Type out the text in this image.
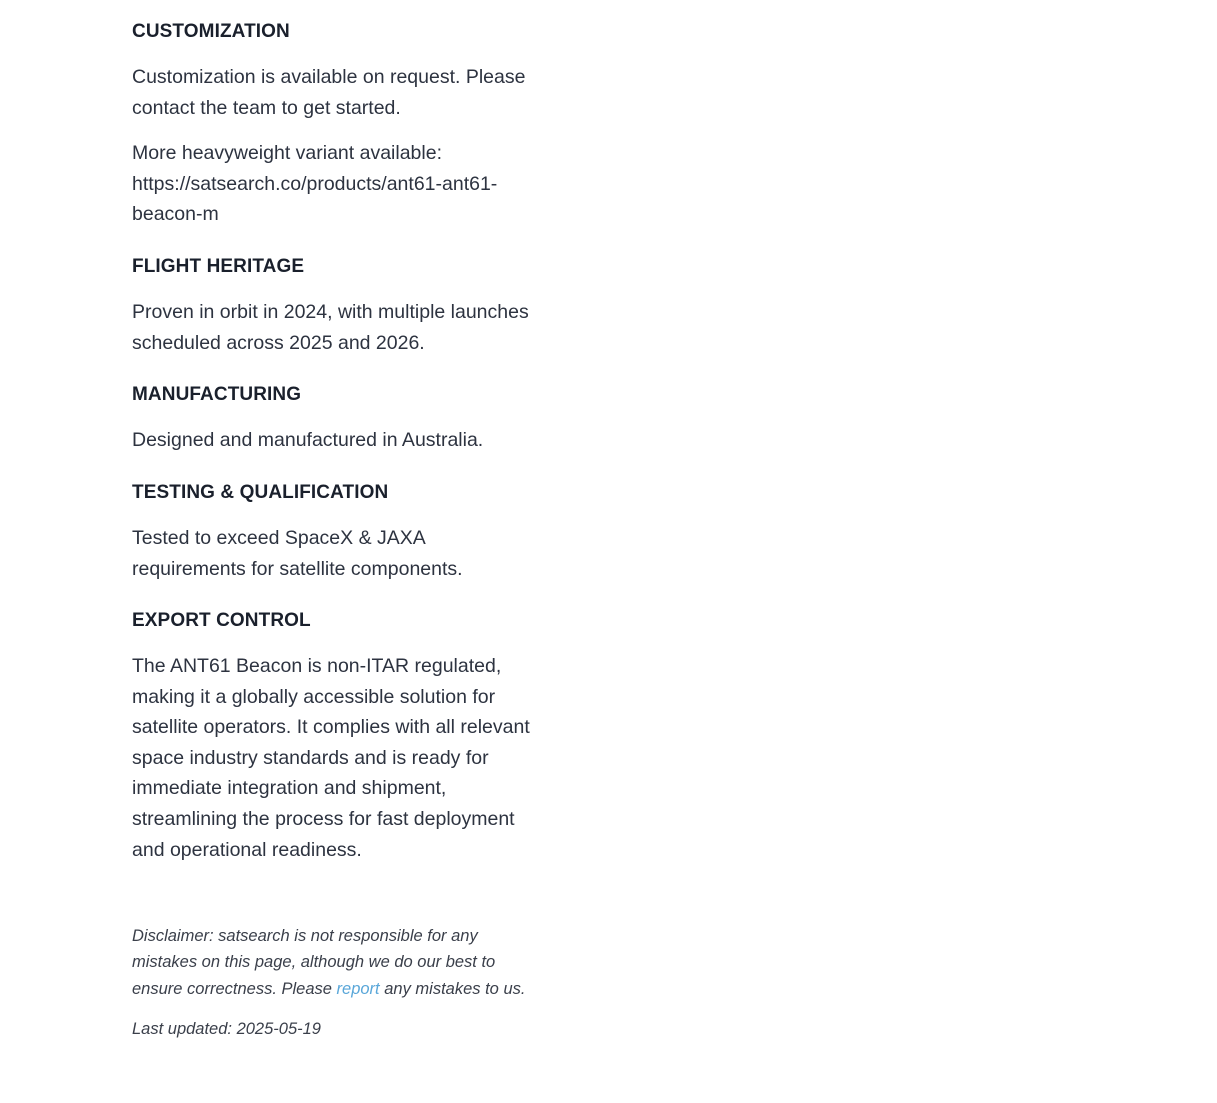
CUSTOMIZATION

Customization is available on request. Please contact the team to get started.

More heavyweight variant available: https://satsearch.co/products/ant61-ant61-beacon-m

FLIGHT HERITAGE

Proven in orbit in 2024, with multiple launches scheduled across 2025 and 2026.

MANUFACTURING

Designed and manufactured in Australia.

TESTING & QUALIFICATION

Tested to exceed SpaceX & JAXA requirements for satellite components.

EXPORT CONTROL

The ANT61 Beacon is non-ITAR regulated, making it a globally accessible solution for satellite operators. It complies with all relevant space industry standards and is ready for immediate integration and shipment, streamlining the process for fast deployment and operational readiness.

Disclaimer: satsearch is not responsible for any mistakes on this page, although we do our best to ensure correctness. Please report any mistakes to us.

Last updated: 2025-05-19
